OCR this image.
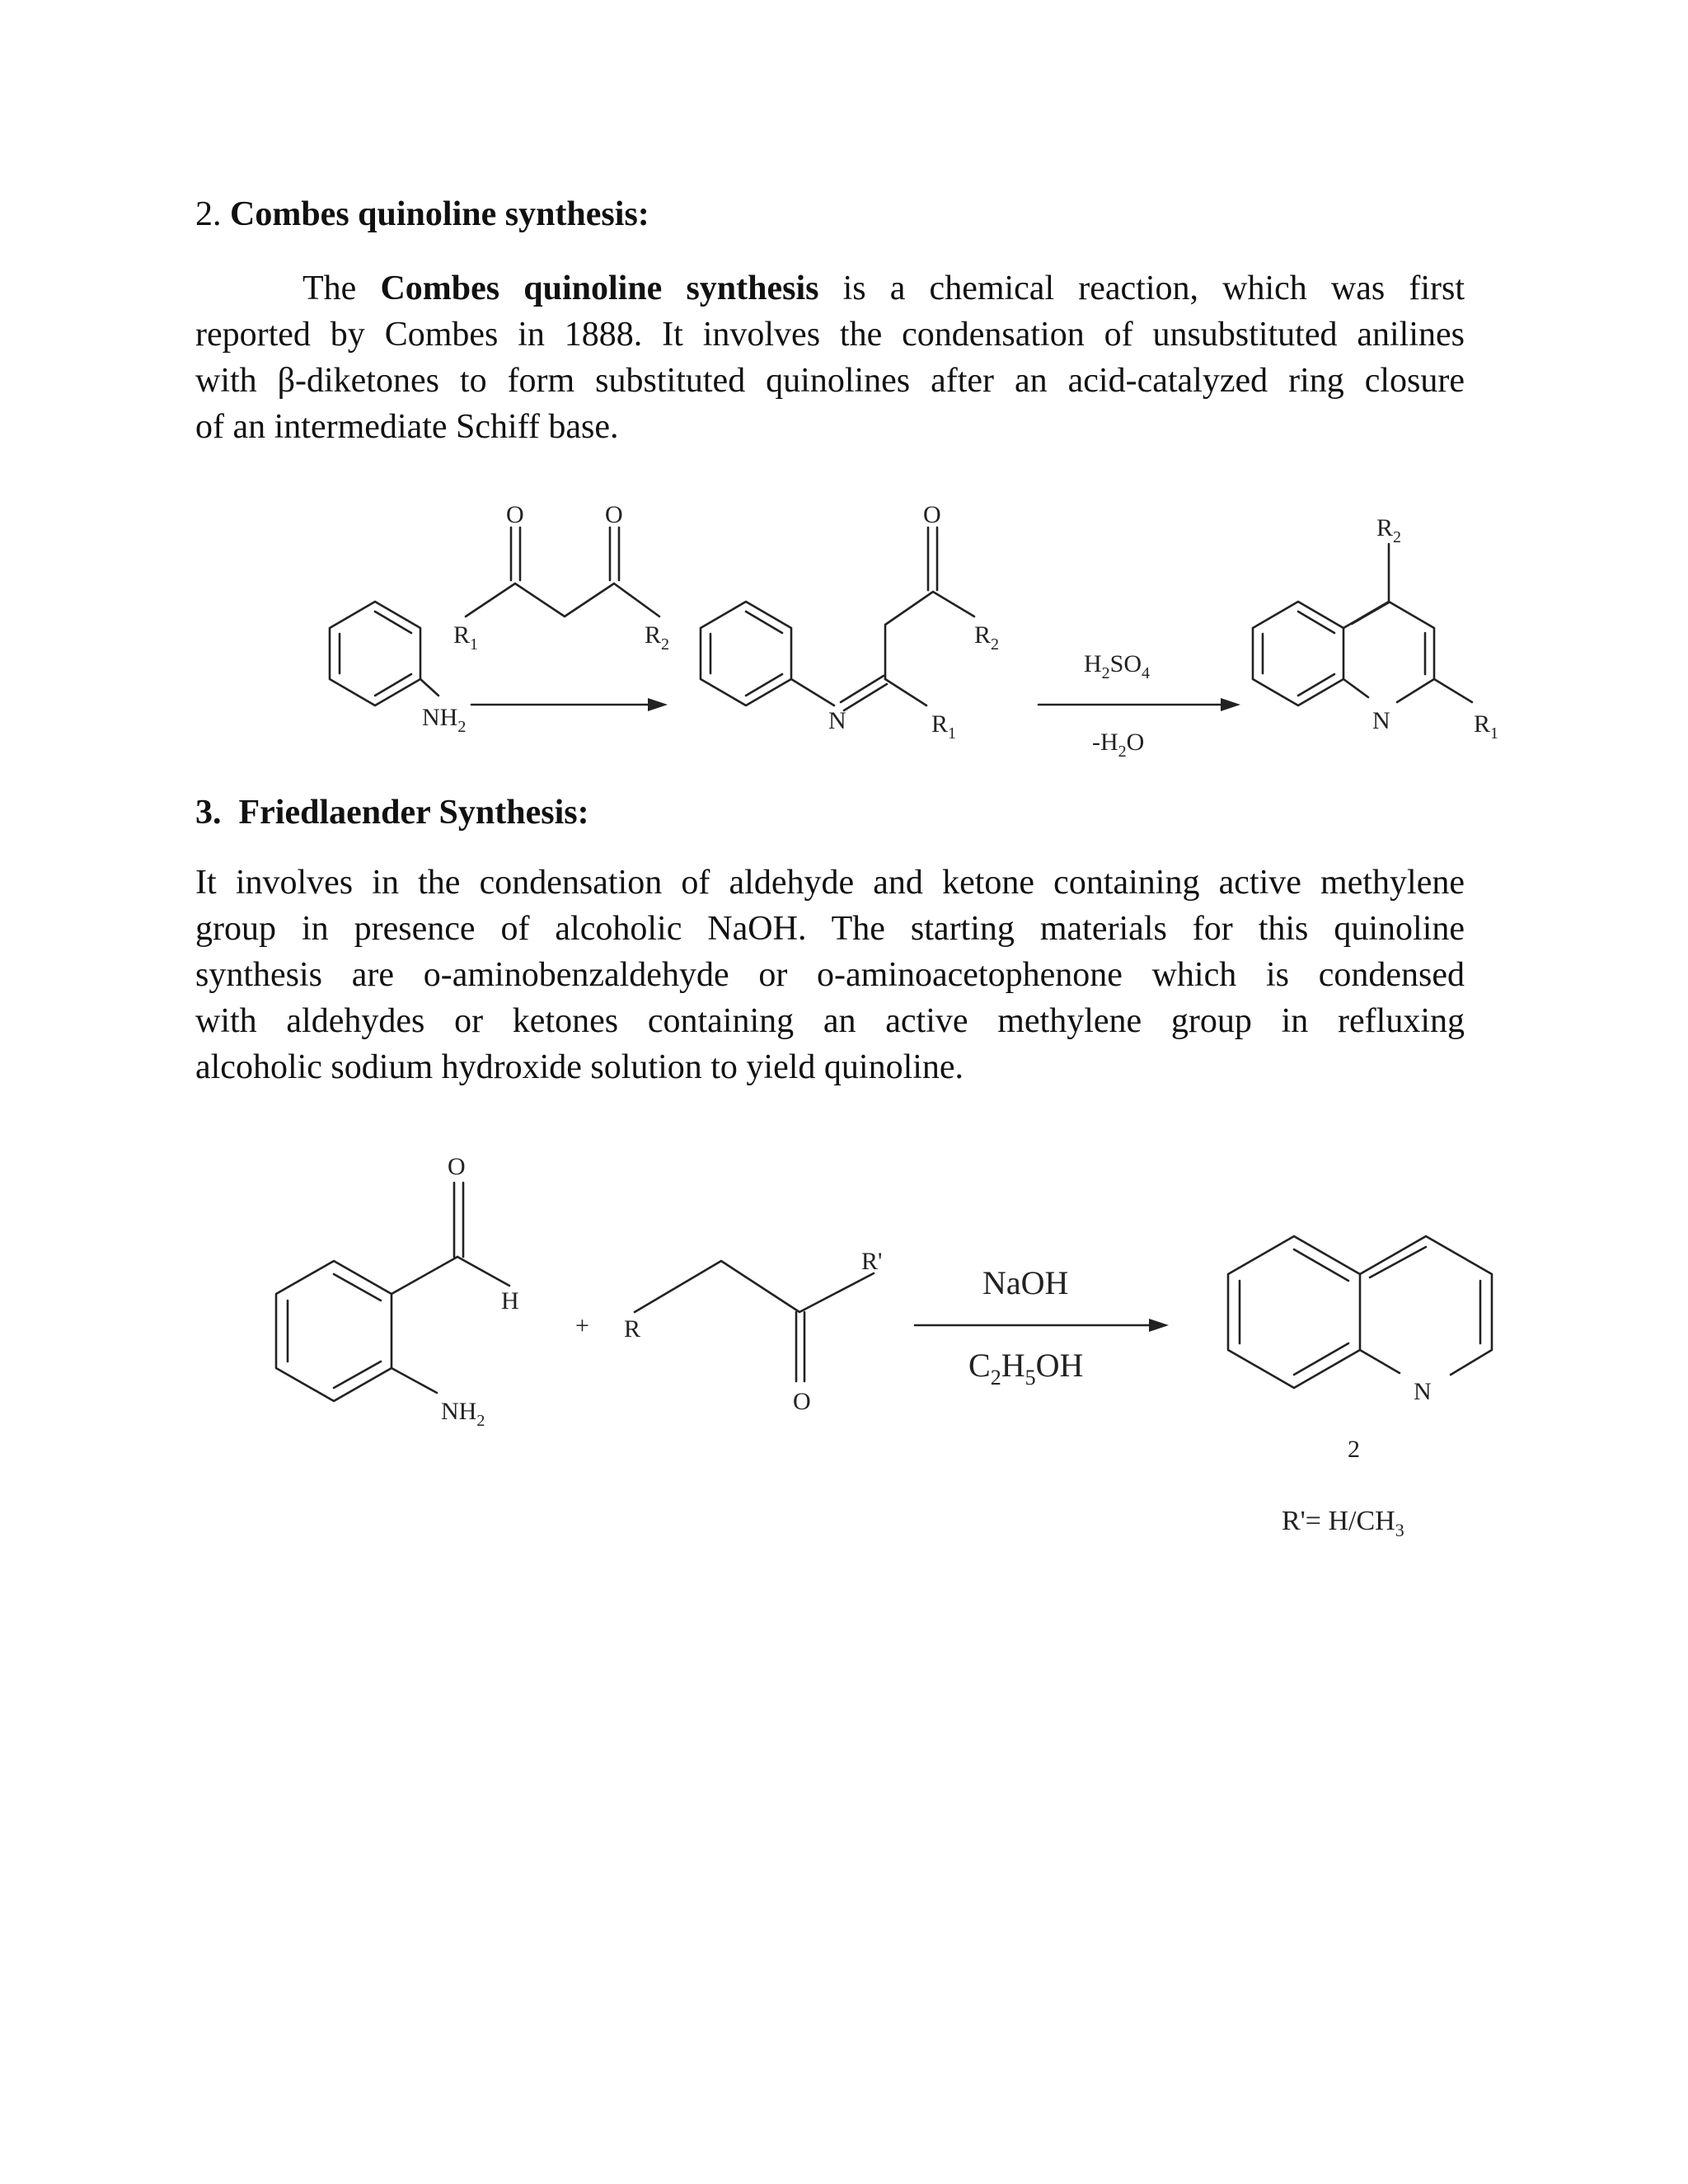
2. Combes quinoline synthesis:
The Combes quinoline synthesis is a chemical reaction, which was first
reported by Combes in 1888. It involves the condensation of unsubstituted anilines
with β-diketones to form substituted quinolines after an acid-catalyzed ring closure
of an intermediate Schiff base.
$NH_2$
O	O
$R_1$	$R_2$
O
N
$R_2$
$R_1$
$H_2SO_4$
$-H_2O$
$R_2$
N	$R_1$
3. Friedlaender Synthesis:
It involves in the condensation of aldehyde and ketone containing active methylene
group in presence of alcoholic NaOH. The starting materials for this quinoline
synthesis are o-aminobenzaldehyde or o-aminoacetophenone which is condensed
with aldehydes or ketones containing an active methylene group in refluxing
alcoholic sodium hydroxide solution to yield quinoline.
O
H
$NH_2$
+ R
R'
O
NaOH
$C_2H_5OH$
N
2
$R'= H/CH_3$
